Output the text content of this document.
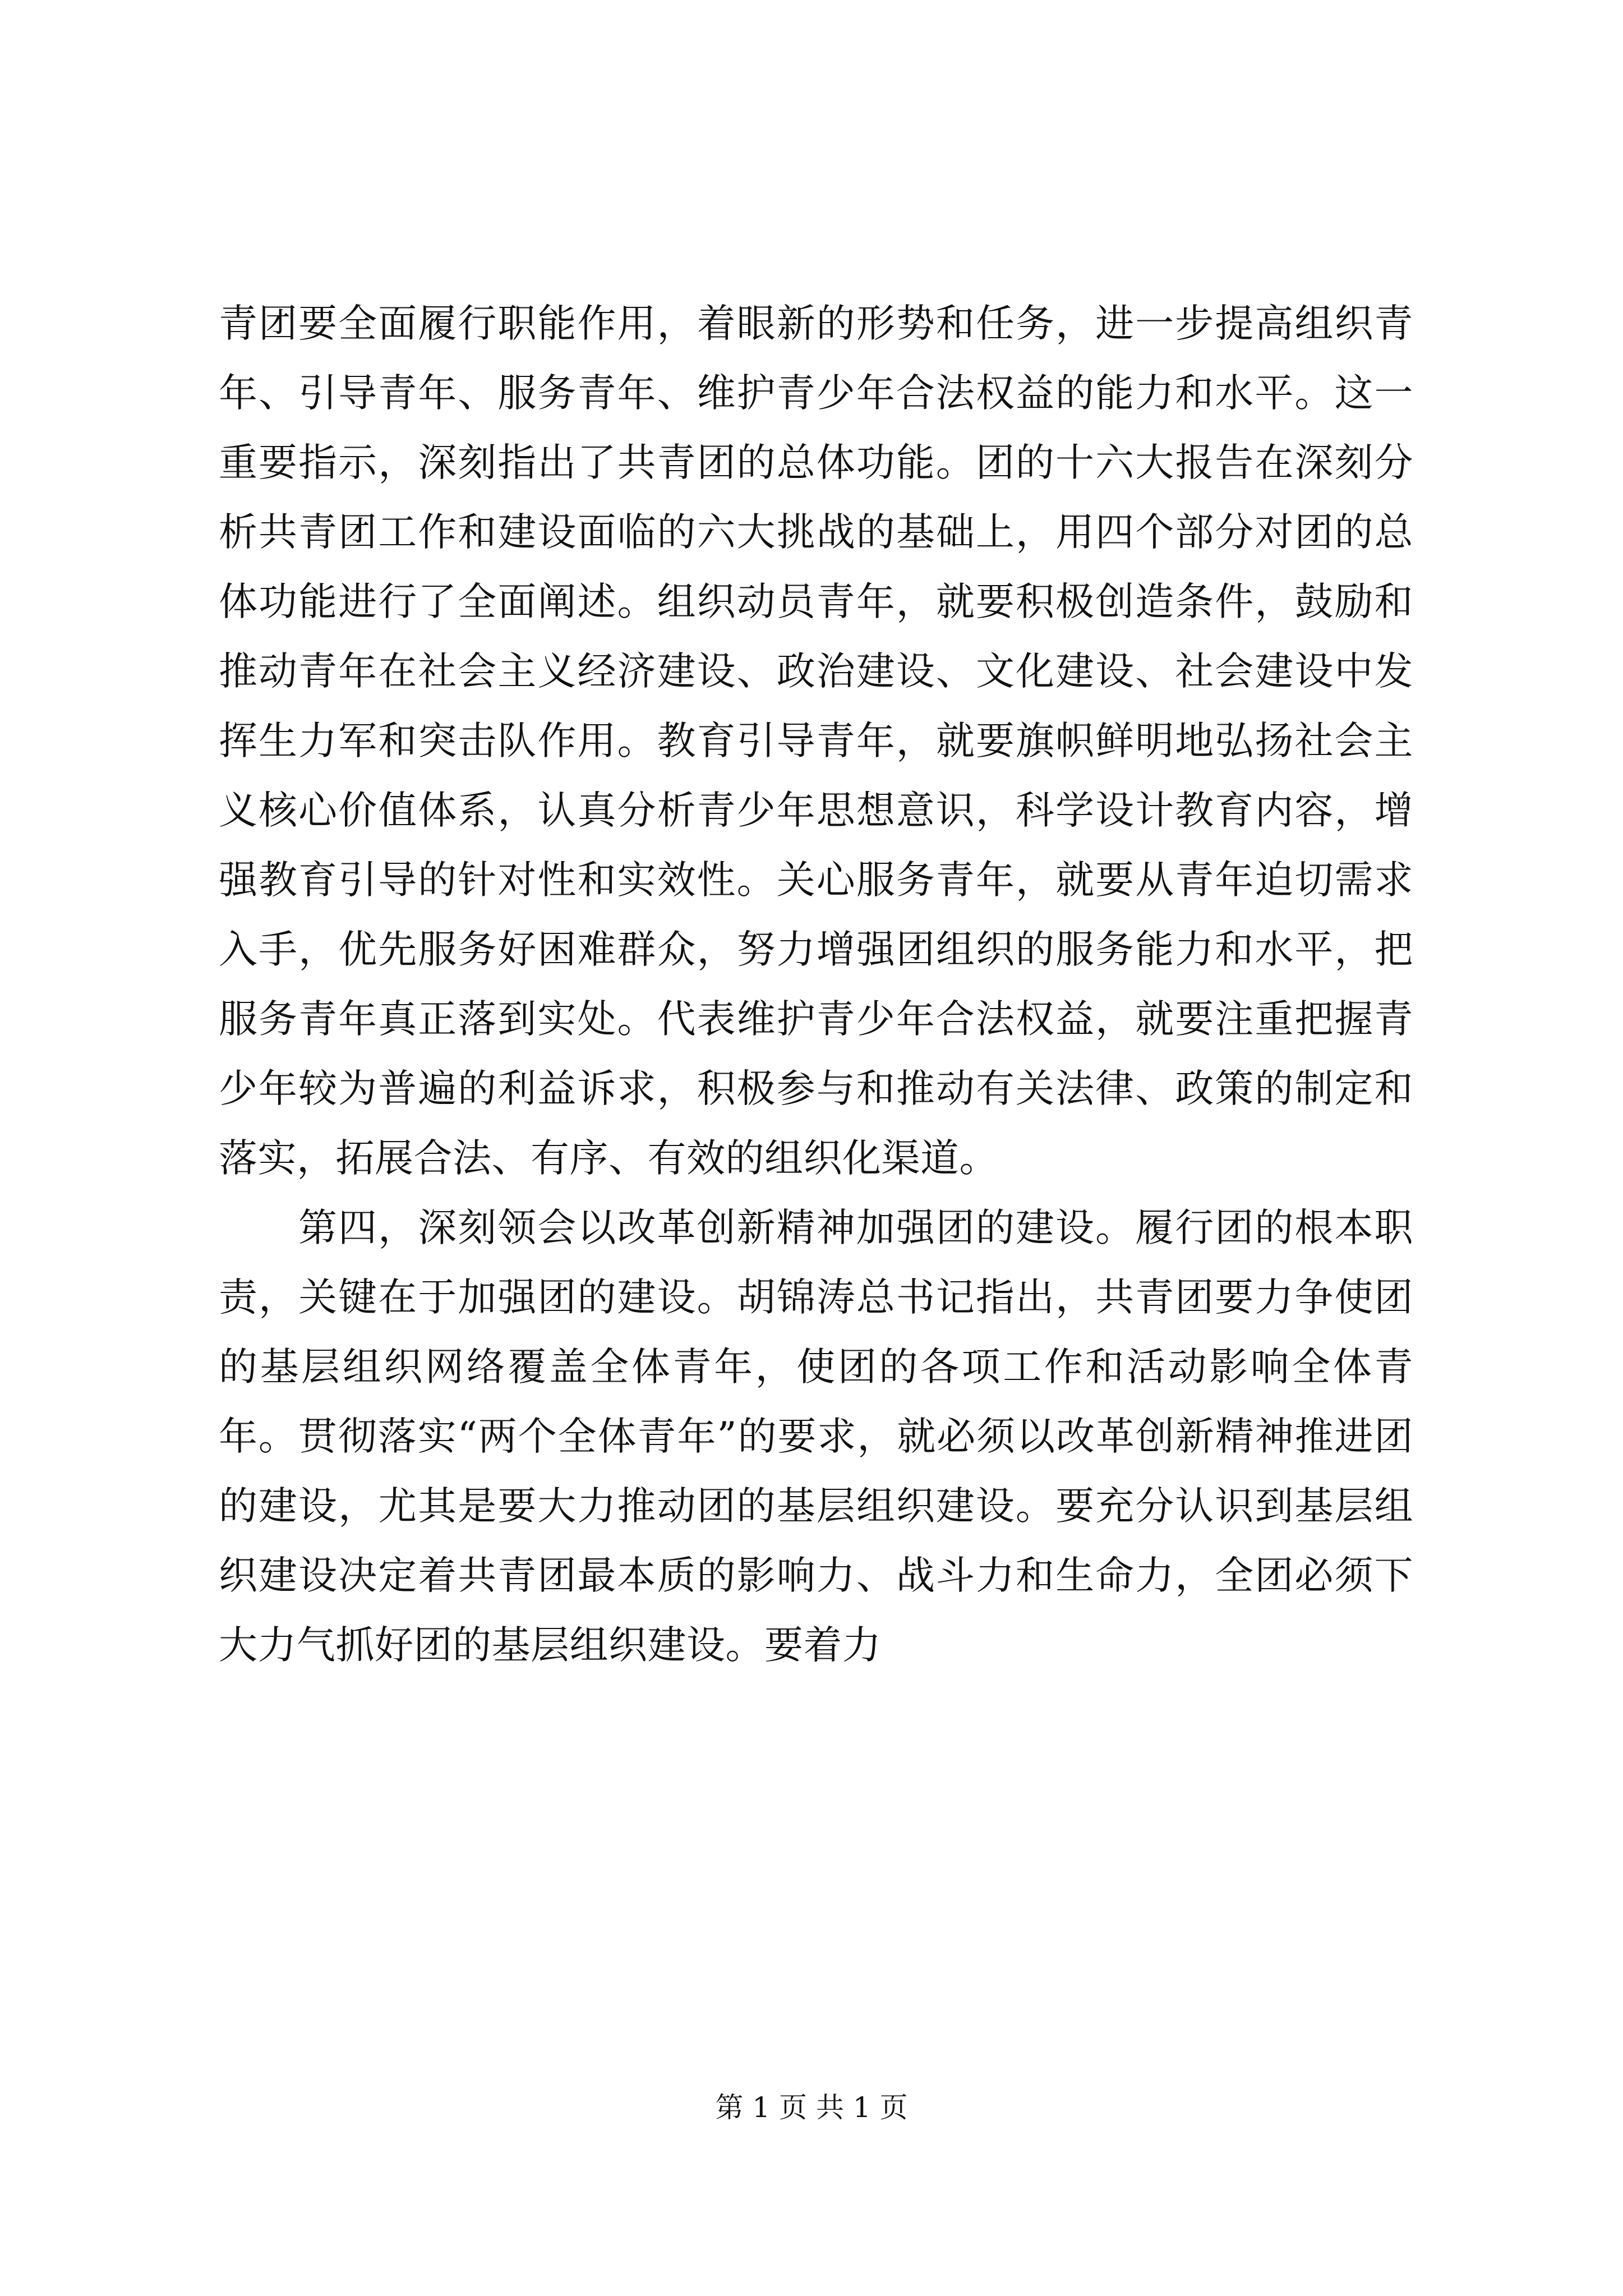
青团要全面履行职能作用，着眼新的形势和任务，进一步提高组织青年、引导青年、服务青年、维护青少年合法权益的能力和水平。这一重要指示，深刻指出了共青团的总体功能。团的十六大报告在深刻分析共青团工作和建设面临的六大挑战的基础上，用四个部分对团的总体功能进行了全面阐述。组织动员青年，就要积极创造条件，鼓励和推动青年在社会主义经济建设、政治建设、文化建设、社会建设中发挥生力军和突击队作用。教育引导青年，就要旗帜鲜明地弘扬社会主义核心价值体系，认真分析青少年思想意识，科学设计教育内容，增强教育引导的针对性和实效性。关心服务青年，就要从青年迫切需求入手，优先服务好困难群众，努力增强团组织的服务能力和水平，把服务青年真正落到实处。代表维护青少年合法权益，就要注重把握青少年较为普遍的利益诉求，积极参与和推动有关法律、政策的制定和落实，拓展合法、有序、有效的组织化渠道。

第四，深刻领会以改革创新精神加强团的建设。履行团的根本职责，关键在于加强团的建设。胡锦涛总书记指出，共青团要力争使团的基层组织网络覆盖全体青年，使团的各项工作和活动影响全体青年。贯彻落实“两个全体青年”的要求，就必须以改革创新精神推进团的建设，尤其是要大力推动团的基层组织建设。要充分认识到基层组织建设决定着共青团最本质的影响力、战斗力和生命力，全团必须下大力气抓好团的基层组织建设。要着力

第 1 页 共 1 页
